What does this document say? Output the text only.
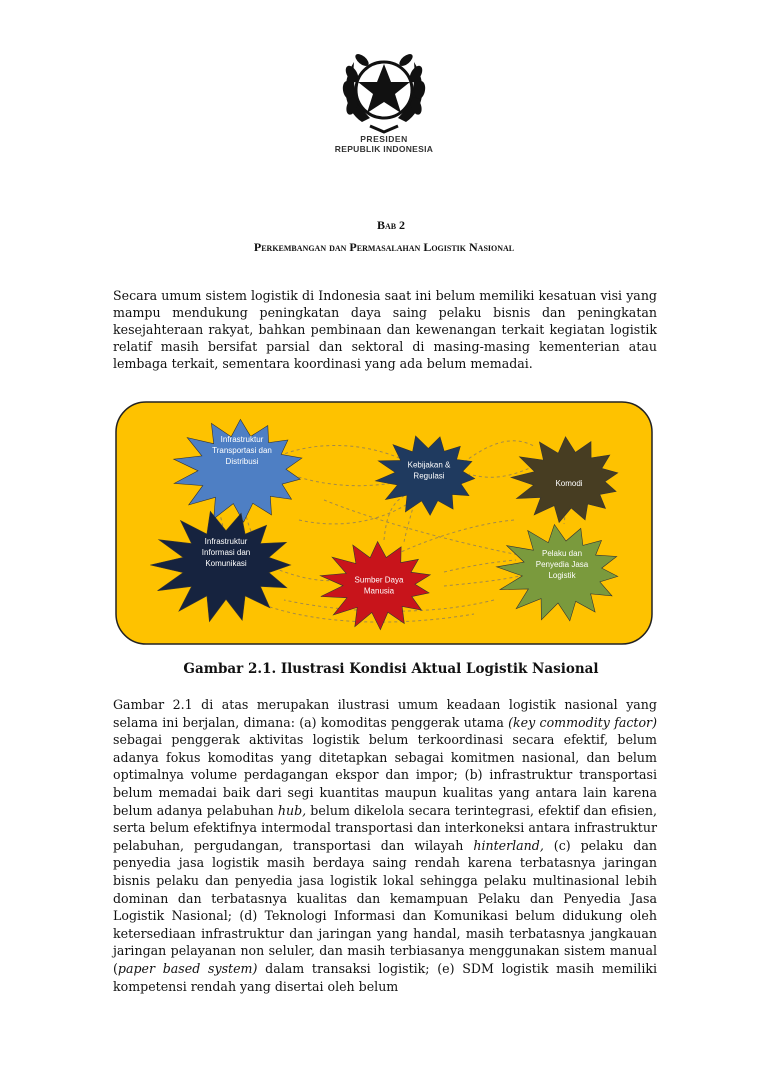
PRESIDEN
REPUBLIK INDONESIA
Bab 2
Perkembangan dan Permasalahan Logistik Nasional
Secara umum sistem logistik di Indonesia saat ini belum memiliki kesatuan visi yang mampu mendukung peningkatan daya saing pelaku bisnis dan peningkatan kesejahteraan rakyat, bahkan pembinaan dan kewenangan terkait kegiatan logistik relatif masih bersifat parsial dan sektoral di masing-masing kementerian atau lembaga terkait, sementara koordinasi yang ada belum memadai.
Infrastruktur
Transportasi dan
Distribusi	Kebijakan &
Regulasi
Komodi
Infrastruktur
Informasi dan
Komunikasi
Sumber Daya
Manusia
Pelaku dan
Penyedia Jasa
Logistik
Gambar 2.1. Ilustrasi Kondisi Aktual Logistik Nasional
Gambar 2.1 di atas merupakan ilustrasi umum keadaan logistik nasional yang selama ini berjalan, dimana: (a) komoditas penggerak utama (key commodity factor) sebagai penggerak aktivitas logistik belum terkoordinasi secara efektif, belum adanya fokus komoditas yang ditetapkan sebagai komitmen nasional, dan belum optimalnya volume perdagangan ekspor dan impor; (b) infrastruktur transportasi belum memadai baik dari segi kuantitas maupun kualitas yang antara lain karena belum adanya pelabuhan hub, belum dikelola secara terintegrasi, efektif dan efisien, serta belum efektifnya intermodal transportasi dan interkoneksi antara infrastruktur pelabuhan, pergudangan, transportasi dan wilayah hinterland, (c) pelaku dan penyedia jasa logistik masih berdaya saing rendah karena terbatasnya jaringan bisnis pelaku dan penyedia jasa logistik lokal sehingga pelaku multinasional lebih dominan dan terbatasnya kualitas dan kemampuan Pelaku dan Penyedia Jasa Logistik Nasional; (d) Teknologi Informasi dan Komunikasi belum didukung oleh ketersediaan infrastruktur dan jaringan yang handal, masih terbatasnya jangkauan jaringan pelayanan non seluler, dan masih terbiasanya menggunakan sistem manual (paper based system) dalam transaksi logistik; (e) SDM logistik masih memiliki kompetensi rendah yang disertai oleh belum
